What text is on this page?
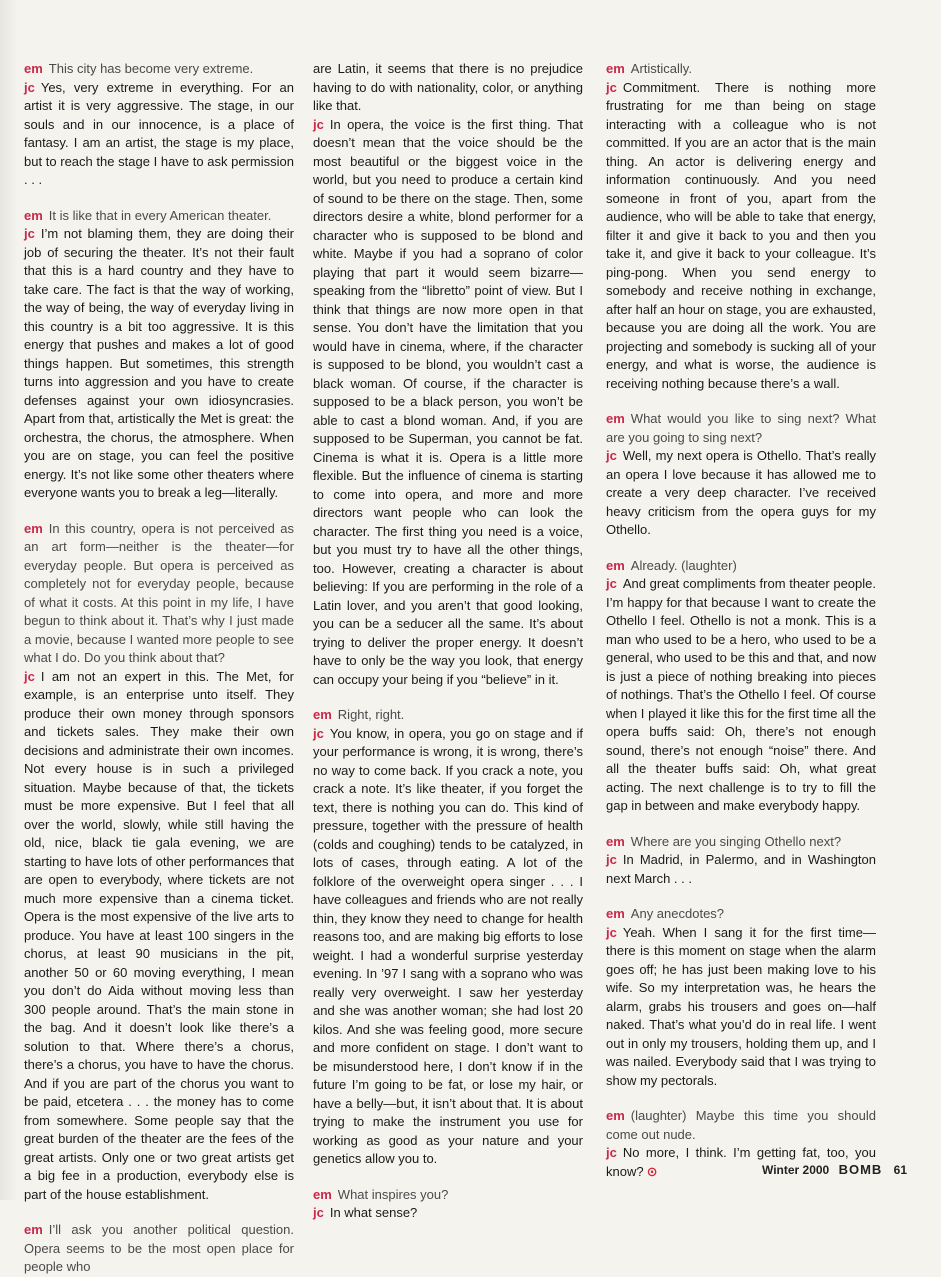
em This city has become very extreme.

jc Yes, very extreme in everything. For an artist it is very aggressive. The stage, in our souls and in our innocence, is a place of fantasy. I am an artist, the stage is my place, but to reach the stage I have to ask permission . . .

em It is like that in every American theater.

jc I’m not blaming them, they are doing their job of securing the theater. It’s not their fault that this is a hard country and they have to take care. The fact is that the way of working, the way of being, the way of everyday living in this country is a bit too aggressive. It is this energy that pushes and makes a lot of good things happen. But sometimes, this strength turns into aggression and you have to create defenses against your own idiosyncrasies. Apart from that, artistically the Met is great: the orchestra, the chorus, the atmosphere. When you are on stage, you can feel the positive energy. It’s not like some other theaters where everyone wants you to break a leg—literally.

em In this country, opera is not perceived as an art form—neither is the theater—for everyday people. But opera is perceived as completely not for everyday people, because of what it costs. At this point in my life, I have begun to think about it. That’s why I just made a movie, because I wanted more people to see what I do. Do you think about that?

jc I am not an expert in this. The Met, for example, is an enterprise unto itself. They produce their own money through sponsors and tickets sales. They make their own decisions and administrate their own incomes. Not every house is in such a privileged situation. Maybe because of that, the tickets must be more expensive. But I feel that all over the world, slowly, while still having the old, nice, black tie gala evening, we are starting to have lots of other performances that are open to everybody, where tickets are not much more expensive than a cinema ticket. Opera is the most expensive of the live arts to produce. You have at least 100 singers in the chorus, at least 90 musicians in the pit, another 50 or 60 moving everything, I mean you don’t do Aida without moving less than 300 people around. That’s the main stone in the bag. And it doesn’t look like there’s a solution to that. Where there’s a chorus, there’s a chorus, you have to have the chorus. And if you are part of the chorus you want to be paid, etcetera . . . the money has to come from somewhere. Some people say that the great burden of the theater are the fees of the great artists. Only one or two great artists get a big fee in a production, everybody else is part of the house establishment.

em I’ll ask you another political question. Opera seems to be the most open place for people who

are Latin, it seems that there is no prejudice having to do with nationality, color, or anything like that.

jc In opera, the voice is the first thing. That doesn’t mean that the voice should be the most beautiful or the biggest voice in the world, but you need to produce a certain kind of sound to be there on the stage. Then, some directors desire a white, blond performer for a character who is supposed to be blond and white. Maybe if you had a soprano of color playing that part it would seem bizarre—speaking from the “libretto” point of view. But I think that things are now more open in that sense. You don’t have the limitation that you would have in cinema, where, if the character is supposed to be blond, you wouldn’t cast a black woman. Of course, if the character is supposed to be a black person, you won’t be able to cast a blond woman. And, if you are supposed to be Superman, you cannot be fat. Cinema is what it is. Opera is a little more flexible. But the influence of cinema is starting to come into opera, and more and more directors want people who can look the character. The first thing you need is a voice, but you must try to have all the other things, too. However, creating a character is about believing: If you are performing in the role of a Latin lover, and you aren’t that good looking, you can be a seducer all the same. It’s about trying to deliver the proper energy. It doesn’t have to only be the way you look, that energy can occupy your being if you “believe” in it.

em Right, right.

jc You know, in opera, you go on stage and if your performance is wrong, it is wrong, there’s no way to come back. If you crack a note, you crack a note. It’s like theater, if you forget the text, there is nothing you can do. This kind of pressure, together with the pressure of health (colds and coughing) tends to be catalyzed, in lots of cases, through eating. A lot of the folklore of the overweight opera singer . . . I have colleagues and friends who are not really thin, they know they need to change for health reasons too, and are making big efforts to lose weight. I had a wonderful surprise yesterday evening. In ’97 I sang with a soprano who was really very overweight. I saw her yesterday and she was another woman; she had lost 20 kilos. And she was feeling good, more secure and more confident on stage. I don’t want to be misunderstood here, I don’t know if in the future I’m going to be fat, or lose my hair, or have a belly—but, it isn’t about that. It is about trying to make the instrument you use for working as good as your nature and your genetics allow you to.

em What inspires you?

jc In what sense?

em Artistically.

jc Commitment. There is nothing more frustrating for me than being on stage interacting with a colleague who is not committed. If you are an actor that is the main thing. An actor is delivering energy and information continuously. And you need someone in front of you, apart from the audience, who will be able to take that energy, filter it and give it back to you and then you take it, and give it back to your colleague. It’s ping-pong. When you send energy to somebody and receive nothing in exchange, after half an hour on stage, you are exhausted, because you are doing all the work. You are projecting and somebody is sucking all of your energy, and what is worse, the audience is receiving nothing because there’s a wall.

em What would you like to sing next? What are you going to sing next?

jc Well, my next opera is Othello. That’s really an opera I love because it has allowed me to create a very deep character. I’ve received heavy criticism from the opera guys for my Othello.

em Already. (laughter)

jc And great compliments from theater people. I’m happy for that because I want to create the Othello I feel. Othello is not a monk. This is a man who used to be a hero, who used to be a general, who used to be this and that, and now is just a piece of nothing breaking into pieces of nothings. That’s the Othello I feel. Of course when I played it like this for the first time all the opera buffs said: Oh, there’s not enough sound, there’s not enough “noise” there. And all the theater buffs said: Oh, what great acting. The next challenge is to try to fill the gap in between and make everybody happy.

em Where are you singing Othello next?

jc In Madrid, in Palermo, and in Washington next March . . .

em Any anecdotes?

jc Yeah. When I sang it for the first time—there is this moment on stage when the alarm goes off; he has just been making love to his wife. So my interpretation was, he hears the alarm, grabs his trousers and goes on—half naked. That’s what you’d do in real life. I went out in only my trousers, holding them up, and I was nailed. Everybody said that I was trying to show my pectorals.

em (laughter) Maybe this time you should come out nude.

jc No more, I think. I’m getting fat, too, you know? ⊙	Winter 2000 BOMB 61
